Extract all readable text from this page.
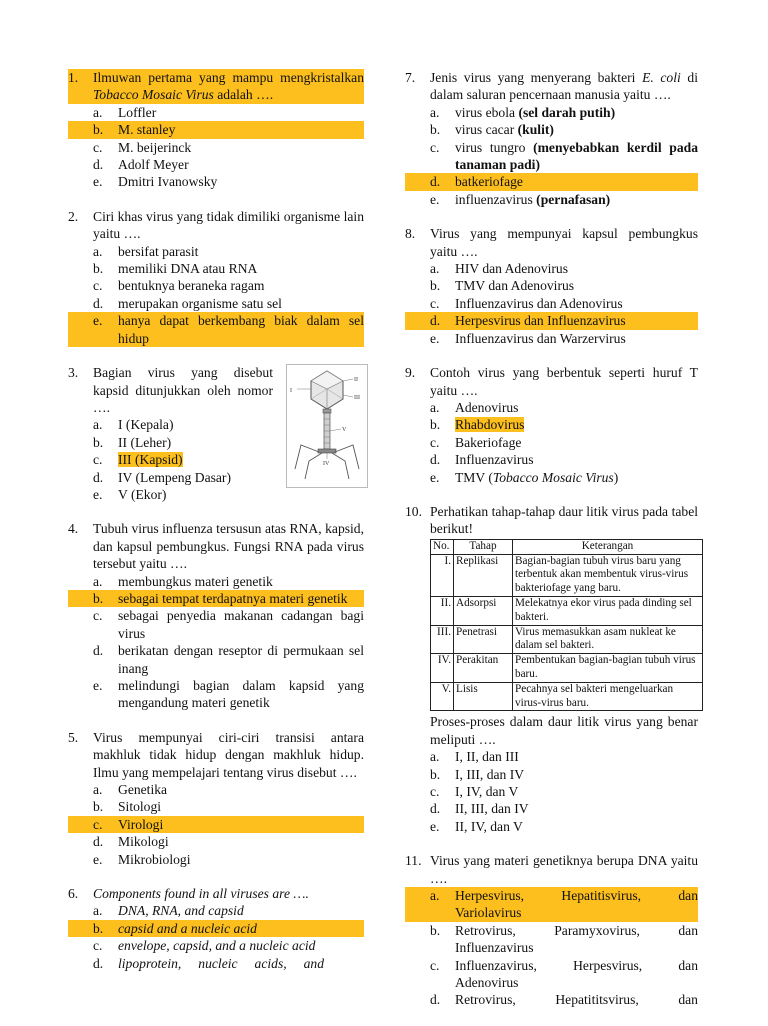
1.	Ilmuwan pertama yang mampu mengkristalkan Tobacco Mosaic Virus adalah ….
a.	Loffler
b.	M. stanley
c.	M. beijerinck
d.	Adolf Meyer
e.	Dmitri Ivanowsky
2.	Ciri khas virus yang tidak dimiliki organisme lain yaitu ….
a.	bersifat parasit
b.	memiliki DNA atau RNA
c.	bentuknya beraneka ragam
d.	merupakan organisme satu sel
e.	hanya dapat berkembang biak dalam sel hidup
3.	Bagian virus yang disebut kapsid ditunjukkan oleh nomor ….
a.	I (Kepala)
b.	II (Leher)
c.	III (Kapsid)
d.	IV (Lempeng Dasar)
e.	V (Ekor)
I
II
III
V
IV
4.	Tubuh virus influenza tersusun atas RNA, kapsid, dan kapsul pembungkus. Fungsi RNA pada virus tersebut yaitu ….
a.	membungkus materi genetik
b.	sebagai tempat terdapatnya materi genetik
c.	sebagai penyedia makanan cadangan bagi virus
d.	berikatan dengan reseptor di permukaan sel inang
e.	melindungi bagian dalam kapsid yang mengandung materi genetik
5.	Virus mempunyai ciri-ciri transisi antara makhluk tidak hidup dengan makhluk hidup. Ilmu yang mempelajari tentang virus disebut ….
a.	Genetika
b.	Sitologi
c.	Virologi
d.	Mikologi
e.	Mikrobiologi
6.	Components found in all viruses are ….
a.	DNA, RNA, and capsid
b.	capsid and a nucleic acid
c.	envelope, capsid, and a nucleic acid
d.	lipoprotein,     nucleic     acids,     and
7.	Jenis virus yang menyerang bakteri E. coli di dalam saluran pencernaan manusia yaitu ….
a.	virus ebola (sel darah putih)
b.	virus cacar (kulit)
c.	virus tungro (menyebabkan kerdil pada tanaman padi)
d.	batkeriofage
e.	influenzavirus (pernafasan)
8.	Virus yang mempunyai kapsul pembungkus yaitu ….
a.	HIV dan Adenovirus
b.	TMV dan Adenovirus
c.	Influenzavirus dan Adenovirus
d.	Herpesvirus dan Influenzavirus
e.	Influenzavirus dan Warzervirus
9.	Contoh virus yang berbentuk seperti huruf T yaitu ….
a.	Adenovirus
b.	Rhabdovirus
c.	Bakeriofage
d.	Influenzavirus
e.	TMV (Tobacco Mosaic Virus)
10. Perhatikan tahap-tahap daur litik virus pada tabel berikut!
No.	Tahap	Keterangan
I.	Replikasi	Bagian-bagian tubuh virus baru yang terbentuk akan membentuk virus-virus bakteriofage yang baru.
II.	Adsorpsi	Melekatnya ekor virus pada dinding sel bakteri.
III.	Penetrasi	Virus memasukkan asam nukleat ke dalam sel bakteri.
IV.	Perakitan	Pembentukan bagian-bagian tubuh virus baru.
V.	Lisis	Pecahnya sel bakteri mengeluarkan virus-virus baru.
Proses-proses dalam daur litik virus yang benar meliputi ….
a.	I, II, dan III
b.	I, III, dan IV
c.	I, IV, dan V
d.	II, III, dan IV
e.	II, IV, dan V
11. Virus yang materi genetiknya berupa DNA yaitu ….
a.	Herpesvirus,	Hepatitisvirus,	dan
Variolavirus
b.	Retrovirus,	Paramyxovirus,	dan
Influenzavirus
c.	Influenzavirus,	Herpesvirus,	dan
Adenovirus
d.	Retrovirus,	Hepatititsvirus,	dan
